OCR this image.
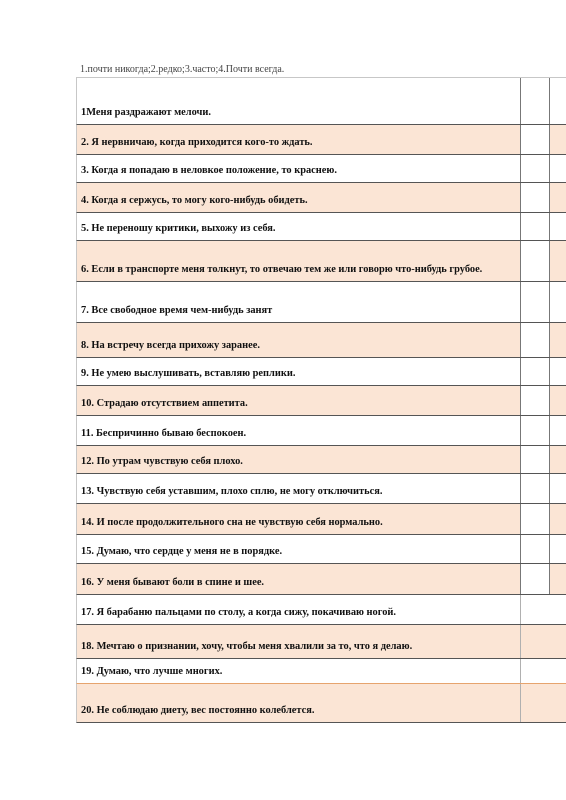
1.почти никогда;2.редко;3.часто;4.Почти всегда.
1Меня раздражают мелочи.
2. Я нервничаю, когда приходится кого-то ждать.
3. Когда я попадаю в неловкое положение, то краснею.
4. Когда я сержусь, то могу кого-нибудь обидеть.
5. Не переношу критики, выхожу из себя.
6. Если в транспорте меня толкнут, то отвечаю тем же или говорю что-нибудь грубое.
7. Все свободное время чем-нибудь занят
8. На встречу всегда прихожу заранее.
9. Не умею выслушивать, вставляю реплики.
10. Страдаю отсутствием аппетита.
11. Беспричинно бываю беспокоен.
12. По утрам чувствую себя плохо.
13. Чувствую себя уставшим, плохо сплю, не могу отключиться.
14. И после продолжительного сна не чувствую себя нормально.
15. Думаю, что сердце у меня не в порядке.
16. У меня бывают боли в спине и шее.
17. Я барабаню пальцами по столу, а когда сижу, покачиваю ногой.
18. Мечтаю о признании, хочу, чтобы меня хвалили за то, что я делаю.
19. Думаю, что лучше многих.
20. Не соблюдаю диету, вес постоянно колеблется.
